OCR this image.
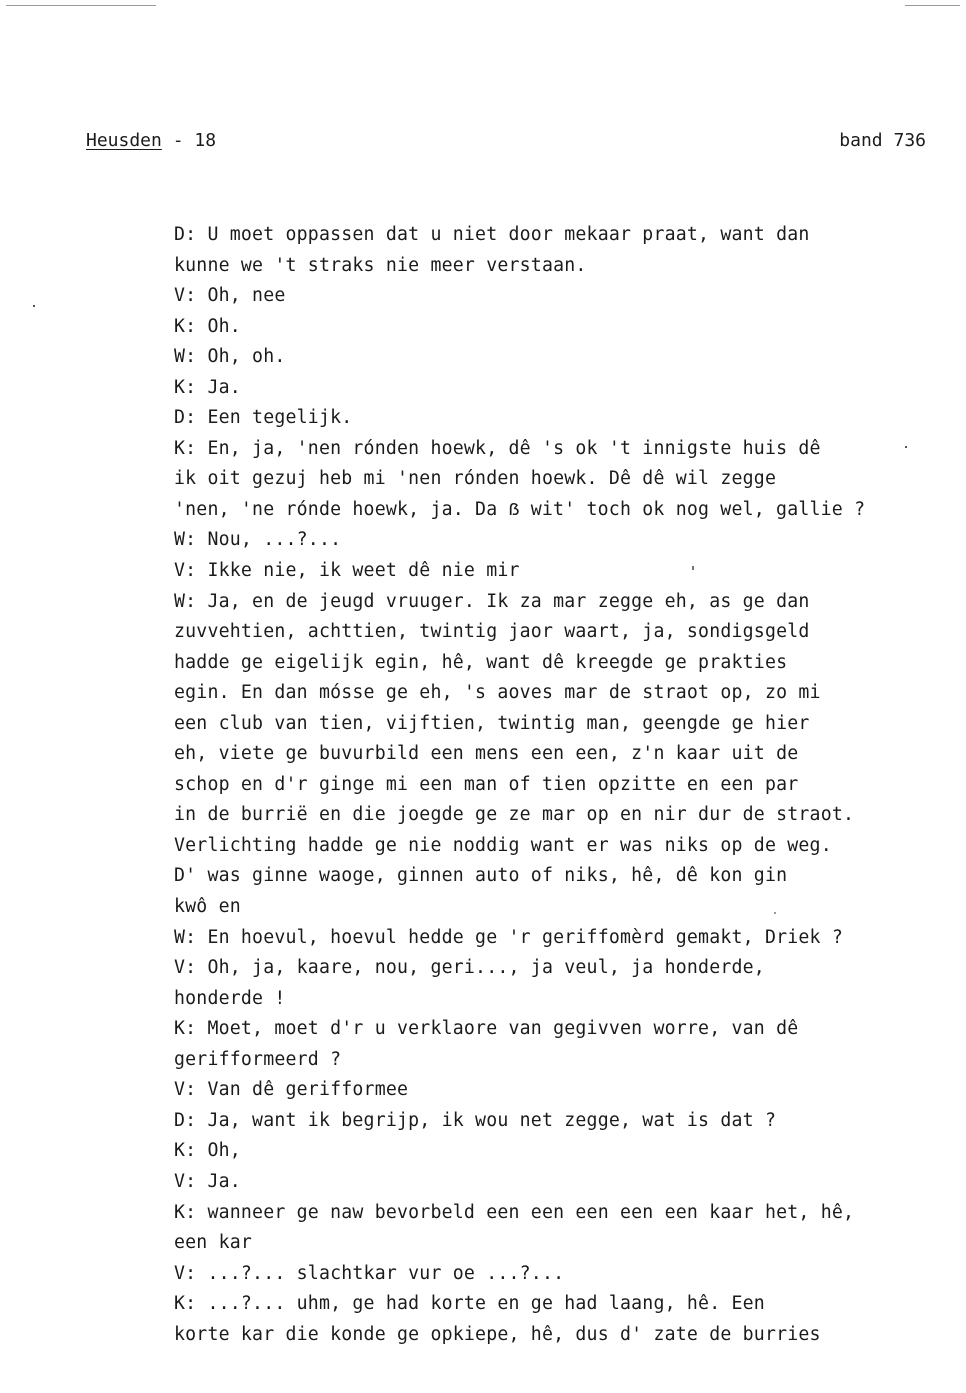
Heusden - 18	band 736
D: U moet oppassen dat u niet door mekaar praat, want dan
kunne we 't straks nie meer verstaan.
V: Oh, nee
K: Oh.
W: Oh, oh.
K: Ja.
D: Een tegelijk.
K: En, ja, 'nen rónden hoewk, dê 's ok 't innigste huis dê
ik oit gezuj heb mi 'nen rónden hoewk. Dê dê wil zegge
'nen, 'ne rónde hoewk, ja. Da ẞ wit' toch ok nog wel, gallie ?
W: Nou, ...?...
V: Ikke nie, ik weet dê nie mir
W: Ja, en de jeugd vruuger. Ik za mar zegge eh, as ge dan
zuvvehtien, achttien, twintig jaor waart, ja, sondigsgeld
hadde ge eigelijk egin, hê, want dê kreegde ge prakties
egin. En dan mósse ge eh, 's aoves mar de straot op, zo mi
een club van tien, vijftien, twintig man, geengde ge hier
eh, viete ge buvurbild een mens een een, z'n kaar uit de
schop en d'r ginge mi een man of tien opzitte en een par
in de burrië en die joegde ge ze mar op en nir dur de straot.
Verlichting hadde ge nie noddig want er was niks op de weg.
D' was ginne waoge, ginnen auto of niks, hê, dê kon gin
kwô en
W: En hoevul, hoevul hedde ge 'r geriffomèrd gemakt, Driek ?
V: Oh, ja, kaare, nou, geri..., ja veul, ja honderde,
honderde !
K: Moet, moet d'r u verklaore van gegivven worre, van dê
gerifformeerd ?
V: Van dê gerifformee
D: Ja, want ik begrijp, ik wou net zegge, wat is dat ?
K: Oh,
V: Ja.
K: wanneer ge naw bevorbeld een een een een een kaar het, hê,
een kar
V: ...?... slachtkar vur oe ...?...
K: ...?... uhm, ge had korte en ge had laang, hê. Een
korte kar die konde ge opkiepe, hê, dus d' zate de burries
